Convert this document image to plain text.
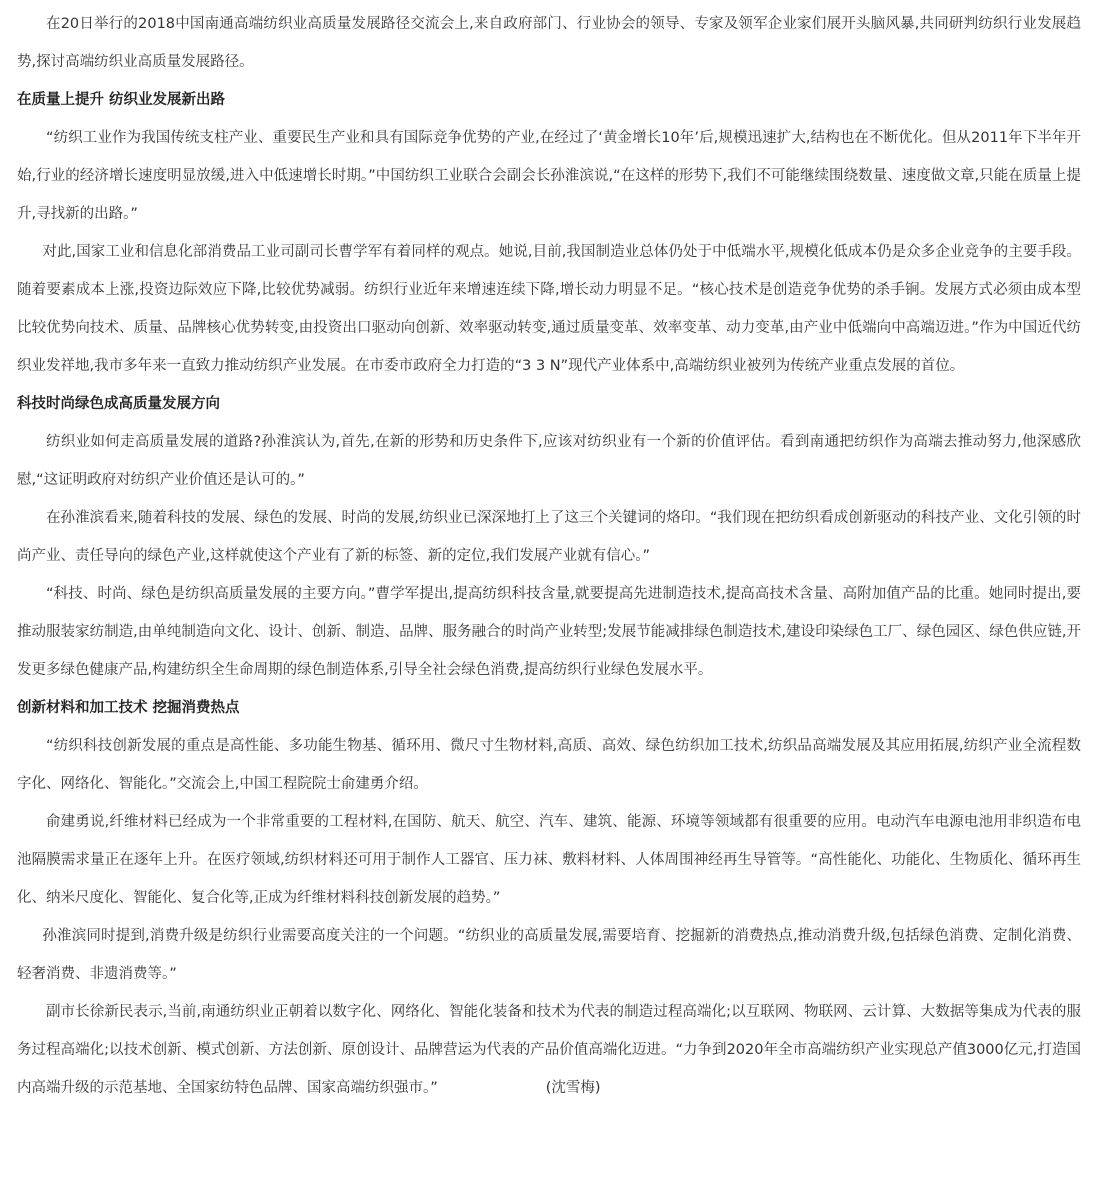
在20日举行的2018中国南通高端纺织业高质量发展路径交流会上,来自政府部门、行业协会的领导、专家及领军企业家们展开头脑风暴,共同研判纺织行业发展趋势,探讨高端纺织业高质量发展路径。

在质量上提升 纺织业发展新出路

“纺织工业作为我国传统支柱产业、重要民生产业和具有国际竞争优势的产业,在经过了‘黄金增长10年’后,规模迅速扩大,结构也在不断优化。但从2011年下半年开始,行业的经济增长速度明显放缓,进入中低速增长时期。”中国纺织工业联合会副会长孙淮滨说,“在这样的形势下,我们不可能继续围绕数量、速度做文章,只能在质量上提升,寻找新的出路。”

对此,国家工业和信息化部消费品工业司副司长曹学军有着同样的观点。她说,目前,我国制造业总体仍处于中低端水平,规模化低成本仍是众多企业竞争的主要手段。随着要素成本上涨,投资边际效应下降,比较优势减弱。纺织行业近年来增速连续下降,增长动力明显不足。“核心技术是创造竞争优势的杀手锏。发展方式必须由成本型比较优势向技术、质量、品牌核心优势转变,由投资出口驱动向创新、效率驱动转变,通过质量变革、效率变革、动力变革,由产业中低端向中高端迈进。”作为中国近代纺织业发祥地,我市多年来一直致力推动纺织产业发展。在市委市政府全力打造的“3 3 N”现代产业体系中,高端纺织业被列为传统产业重点发展的首位。

科技时尚绿色成高质量发展方向

纺织业如何走高质量发展的道路?孙淮滨认为,首先,在新的形势和历史条件下,应该对纺织业有一个新的价值评估。看到南通把纺织作为高端去推动努力,他深感欣慰,“这证明政府对纺织产业价值还是认可的。”

在孙淮滨看来,随着科技的发展、绿色的发展、时尚的发展,纺织业已深深地打上了这三个关键词的烙印。“我们现在把纺织看成创新驱动的科技产业、文化引领的时尚产业、责任导向的绿色产业,这样就使这个产业有了新的标签、新的定位,我们发展产业就有信心。”

“科技、时尚、绿色是纺织高质量发展的主要方向。”曹学军提出,提高纺织科技含量,就要提高先进制造技术,提高高技术含量、高附加值产品的比重。她同时提出,要推动服装家纺制造,由单纯制造向文化、设计、创新、制造、品牌、服务融合的时尚产业转型;发展节能减排绿色制造技术,建设印染绿色工厂、绿色园区、绿色供应链,开发更多绿色健康产品,构建纺织全生命周期的绿色制造体系,引导全社会绿色消费,提高纺织行业绿色发展水平。

创新材料和加工技术 挖掘消费热点

“纺织科技创新发展的重点是高性能、多功能生物基、循环用、微尺寸生物材料,高质、高效、绿色纺织加工技术,纺织品高端发展及其应用拓展,纺织产业全流程数字化、网络化、智能化。”交流会上,中国工程院院士俞建勇介绍。

俞建勇说,纤维材料已经成为一个非常重要的工程材料,在国防、航天、航空、汽车、建筑、能源、环境等领域都有很重要的应用。电动汽车电源电池用非织造布电池隔膜需求量正在逐年上升。在医疗领域,纺织材料还可用于制作人工器官、压力袜、敷料材料、人体周围神经再生导管等。“高性能化、功能化、生物质化、循环再生化、纳米尺度化、智能化、复合化等,正成为纤维材料科技创新发展的趋势。”

孙淮滨同时提到,消费升级是纺织行业需要高度关注的一个问题。“纺织业的高质量发展,需要培育、挖掘新的消费热点,推动消费升级,包括绿色消费、定制化消费、轻奢消费、非遗消费等。”

副市长徐新民表示,当前,南通纺织业正朝着以数字化、网络化、智能化装备和技术为代表的制造过程高端化;以互联网、物联网、云计算、大数据等集成为代表的服务过程高端化;以技术创新、模式创新、方法创新、原创设计、品牌营运为代表的产品价值高端化迈进。“力争到2020年全市高端纺织产业实现总产值3000亿元,打造国内高端升级的示范基地、全国家纺特色品牌、国家高端纺织强市。”	(沈雪梅)
